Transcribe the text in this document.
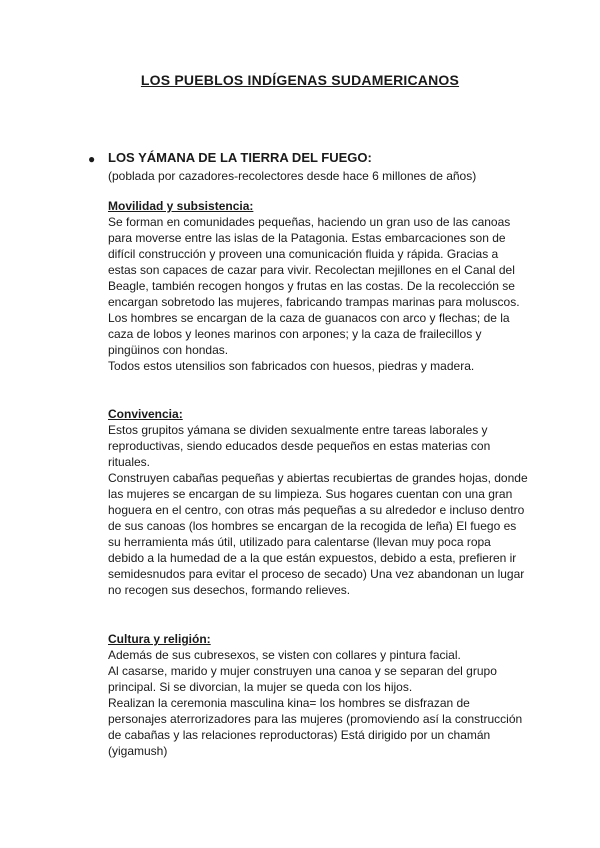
LOS PUEBLOS INDÍGENAS SUDAMERICANOS
● LOS YÁMANA DE LA TIERRA DEL FUEGO:
(poblada por cazadores-recolectores desde hace 6 millones de años)

Movilidad y subsistencia:

Se forman en comunidades pequeñas, haciendo un gran uso de las canoas para moverse entre las islas de la Patagonia. Estas embarcaciones son de difícil construcción y proveen una comunicación fluida y rápida. Gracias a estas son capaces de cazar para vivir. Recolectan mejillones en el Canal del Beagle, también recogen hongos y frutas en las costas. De la recolección se encargan sobretodo las mujeres, fabricando trampas marinas para moluscos. Los hombres se encargan de la caza de guanacos con arco y flechas; de la caza de lobos y leones marinos con arpones; y la caza de frailecillos y pingüinos con hondas.

Todos estos utensilios son fabricados con huesos, piedras y madera.

Convivencia:

Estos grupitos yámana se dividen sexualmente entre tareas laborales y reproductivas, siendo educados desde pequeños en estas materias con rituales.

Construyen cabañas pequeñas y abiertas recubiertas de grandes hojas, donde las mujeres se encargan de su limpieza. Sus hogares cuentan con una gran hoguera en el centro, con otras más pequeñas a su alrededor e incluso dentro de sus canoas (los hombres se encargan de la recogida de leña) El fuego es su herramienta más útil, utilizado para calentarse (llevan muy poca ropa debido a la humedad de a la que están expuestos, debido a esta, prefieren ir semidesnudos para evitar el proceso de secado) Una vez abandonan un lugar no recogen sus desechos, formando relieves.

Cultura y religión:

Además de sus cubresexos, se visten con collares y pintura facial.

Al casarse, marido y mujer construyen una canoa y se separan del grupo principal. Si se divorcian, la mujer se queda con los hijos.

Realizan la ceremonia masculina kina= los hombres se disfrazan de personajes aterrorizadores para las mujeres (promoviendo así la construcción de cabañas y las relaciones reproductoras) Está dirigido por un chamán (yigamush)
